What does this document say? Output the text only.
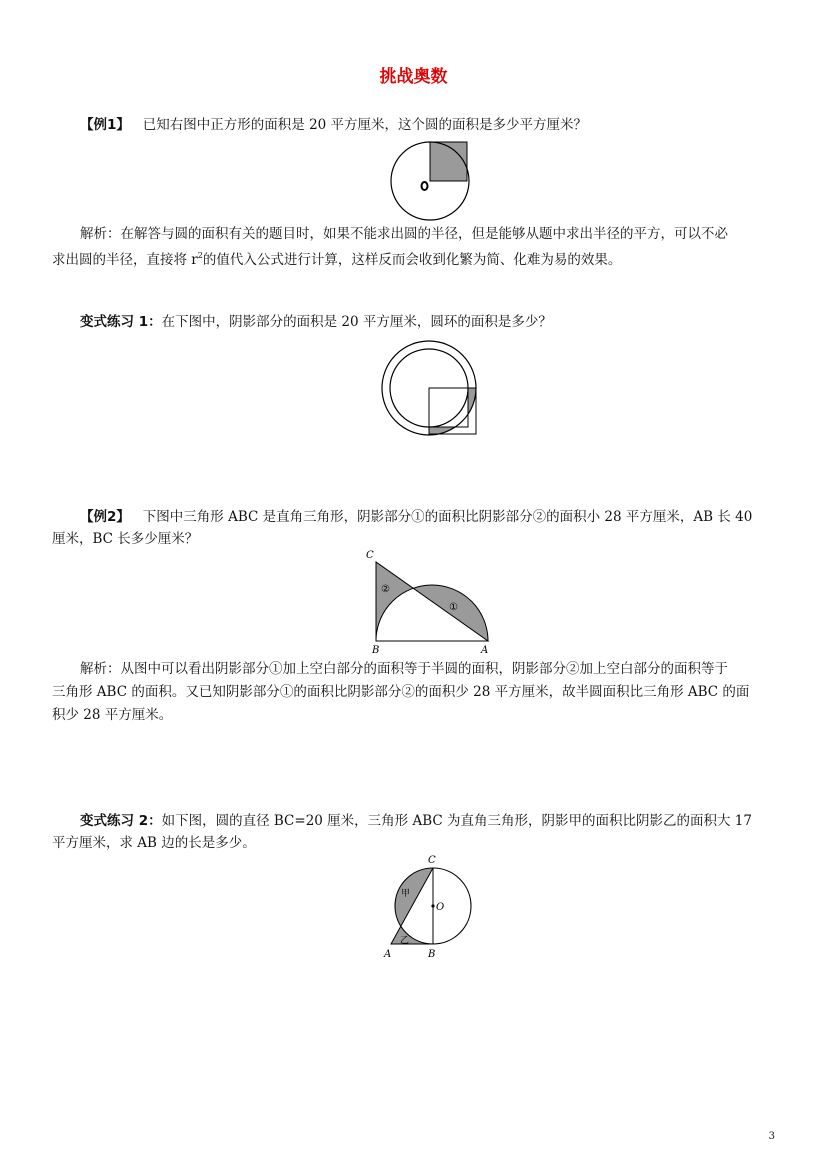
挑战奥数
【例1】 已知右图中正方形的面积是 20 平方厘米，这个圆的面积是多少平方厘米？
解析：在解答与圆的面积有关的题目时，如果不能求出圆的半径，但是能够从题中求出半径的平方，可以不必
求出圆的半径，直接将 $r^2$的值代入公式进行计算，这样反而会收到化繁为简、化难为易的效果。
变式练习 1：在下图中，阴影部分的面积是 20 平方厘米，圆环的面积是多少？
【例2】 下图中三角形 ABC 是直角三角形，阴影部分①的面积比阴影部分②的面积小 28 平方厘米，AB 长 40
厘米，BC 长多少厘米？
C
B	A
②
①
解析：从图中可以看出阴影部分①加上空白部分的面积等于半圆的面积，阴影部分②加上空白部分的面积等于
三角形 ABC 的面积。又已知阴影部分①的面积比阴影部分②的面积少 28 平方厘米，故半圆面积比三角形 ABC 的面
积少 28 平方厘米。
变式练习 2：如下图，圆的直径 BC=20 厘米，三角形 ABC 为直角三角形，阴影甲的面积比阴影乙的面积大 17
平方厘米，求 AB 边的长是多少。
C
O
A	B
甲
乙
3
